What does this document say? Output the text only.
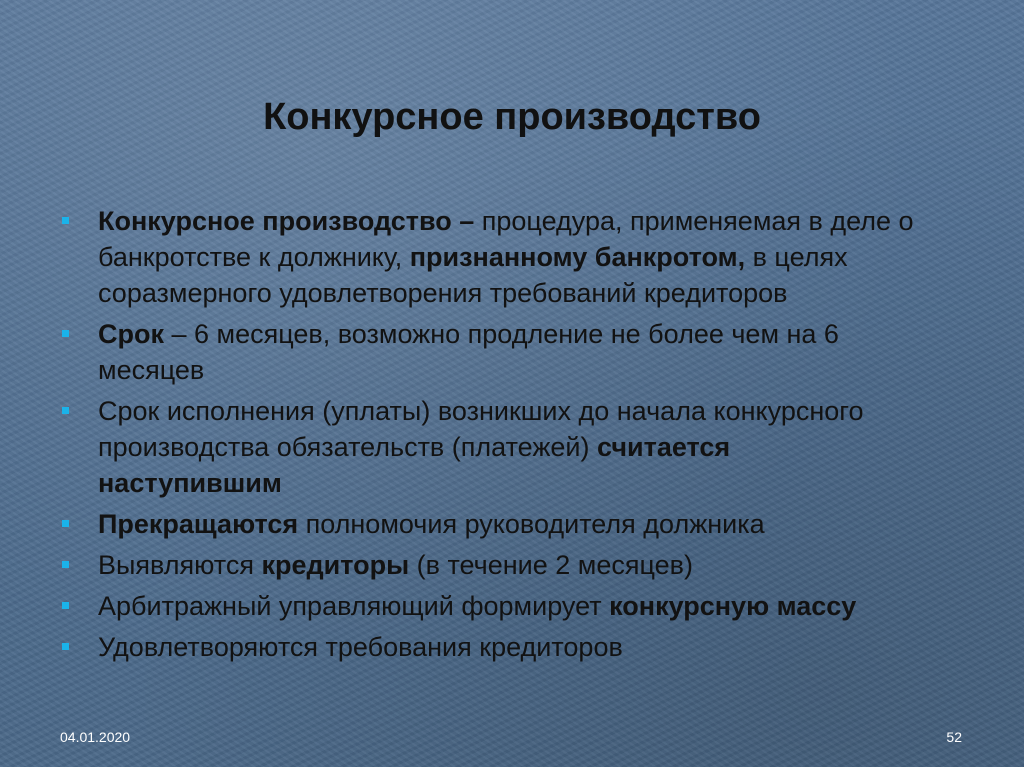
Конкурсное производство
Конкурсное производство – процедура, применяемая в деле о банкротстве к должнику, признанному банкротом, в целях соразмерного удовлетворения требований кредиторов
Срок – 6 месяцев, возможно продление не более чем на 6 месяцев
Срок исполнения (уплаты) возникших до начала конкурсного производства обязательств (платежей) считается наступившим
Прекращаются полномочия руководителя должника
Выявляются кредиторы (в течение 2 месяцев)
Арбитражный управляющий формирует конкурсную массу
Удовлетворяются требования кредиторов
04.01.2020	52
